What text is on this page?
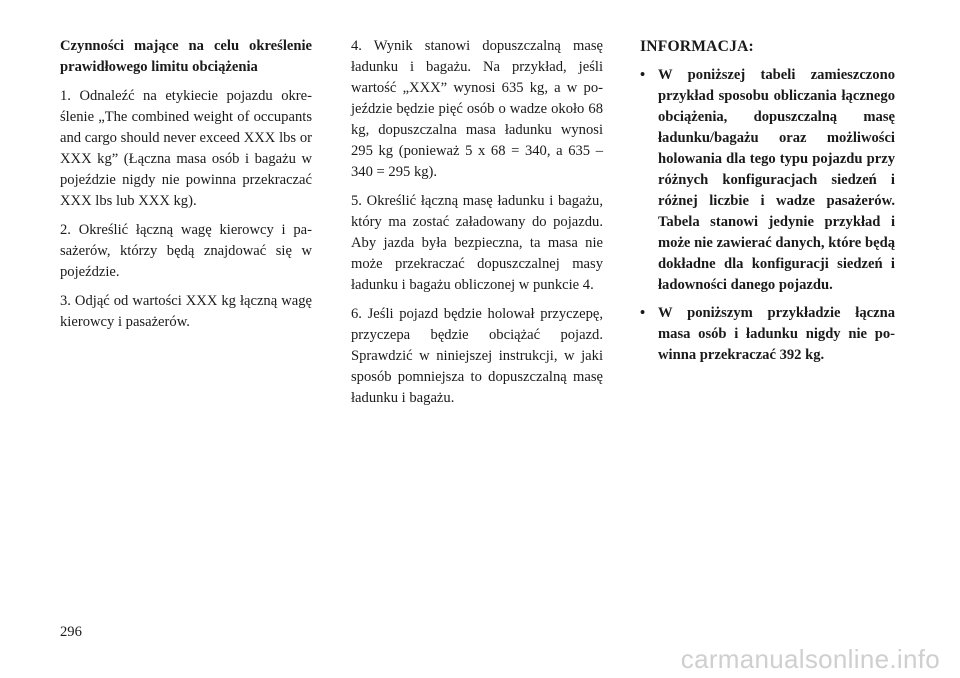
Czynności mające na celu określenie prawidłowego limitu obciążenia

1. Odnaleźć na etykiecie pojazdu określenie „The combined weight of occupants and cargo should never exceed XXX lbs or XXX kg” (Łączna masa osób i bagażu w pojeździe nigdy nie powinna przekraczać XXX lbs lub XXX kg).

2. Określić łączną wagę kierowcy i pasażerów, którzy będą znajdować się w pojeździe.

3. Odjąć od wartości XXX kg łączną wagę kierowcy i pasażerów.

4. Wynik stanowi dopuszczalną masę ładunku i bagażu. Na przykład, jeśli wartość „XXX” wynosi 635 kg, a w pojeździe będzie pięć osób o wadze około 68 kg, dopuszczalna masa ładunku wynosi 295 kg (ponieważ 5 x 68 = 340, a 635 – 340 = 295 kg).

5. Określić łączną masę ładunku i bagażu, który ma zostać załadowany do pojazdu. Aby jazda była bezpieczna, ta masa nie może przekraczać dopuszczalnej masy ładunku i bagażu obliczonej w punkcie 4.

6. Jeśli pojazd będzie holował przyczepę, przyczepa będzie obciążać pojazd. Sprawdzić w niniejszej instrukcji, w jaki sposób pomniejsza to dopuszczalną masę ładunku i bagażu.

INFORMACJA:

• W poniższej tabeli zamieszczono przykład sposobu obliczania łącznego obciążenia, dopuszczalną masę ładunku/bagażu oraz możliwości holowania dla tego typu pojazdu przy różnych konfiguracjach siedzeń i różnej liczbie i wadze pasażerów. Tabela stanowi jedynie przykład i może nie zawierać danych, które będą dokładne dla konfiguracji siedzeń i ładowności danego pojazdu.
• W poniższym przykładzie łączna masa osób i ładunku nigdy nie powinna przekraczać 392 kg.
296
carmanualsonline.info
